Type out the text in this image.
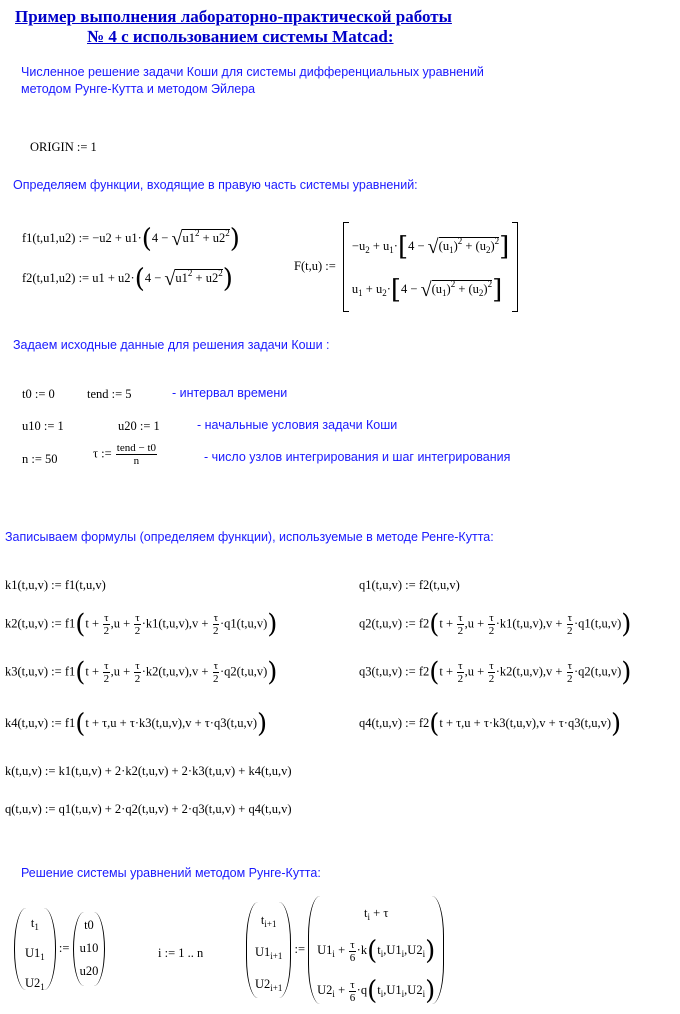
Пример выполнения лабораторно-практической работы
№ 4 с использованием системы Matcad:
Численное решение задачи Коши для системы дифференциальных уравнений
методом Рунге-Кутта и методом Эйлера
ORIGIN := 1
Определяем функции, входящие в правую часть системы уравнений:
f1(t,u1,u2) := $-u2 + u1\cdot(4 - √u1^2 + u2^2)$
f2(t,u1,u2) := $u1 + u2\cdot(4 - √u1^2 + u2^2)$	F(t,u) :=
$-u_2 + u_1\cdot[4 - √(u_1)^2 + (u_2)^2]$
$u_1 + u_2\cdot[4 - √(u_1)^2 + (u_2)^2]$
Задаем исходные данные для решения задачи Коши :
t0 := 0	tend := 5	- интервал времени
u10 := 1	u20 := 1	- начальные условия задачи Коши
n := 50	τ := $\frac{\text{tend − t0}}{n}$	- число узлов интегрирования и шаг интегрирования
Записываем формулы (определяем функции), используемые в методе Ренге-Кутта:
k1(t,u,v) := f1(t,u,v)
k2(t,u,v) := $f1(t + \frac{\tau}{2} ,u + \frac{\tau}{2} \cdot k1(t,u,v),v + \frac{\tau}{2} \cdot q1(t,u,v))$
k3(t,u,v) := $f1(t + \frac{\tau}{2} ,u + \frac{\tau}{2} \cdot k2(t,u,v),v + \frac{\tau}{2} \cdot q2(t,u,v))$
k4(t,u,v) := f1(t + τ,u + τ·k3(t,u,v),v + τ·q3(t,u,v))
q1(t,u,v) := f2(t,u,v)
q2(t,u,v) := $f2(t + \frac{\tau}{2} ,u + \frac{\tau}{2} \cdot k1(t,u,v),v + \frac{\tau}{2} \cdot q1(t,u,v))$
q3(t,u,v) := $f2(t + \frac{\tau}{2} ,u + \frac{\tau}{2} \cdot k2(t,u,v),v + \frac{\tau}{2} \cdot q2(t,u,v))$
q4(t,u,v) := f2(t + τ,u + τ·k3(t,u,v),v + τ·q3(t,u,v))
k(t,u,v) := k1(t,u,v) + 2·k2(t,u,v) + 2·k3(t,u,v) + k4(t,u,v)
q(t,u,v) := q1(t,u,v) + 2·q2(t,u,v) + 2·q3(t,u,v) + q4(t,u,v)
Решение системы уравнений методом Рунге-Кутта:
$t_1$
$U1_1$
$U2_1$
:=
t0
u10
u20
i := 1 .. n
$t_{i+1}$
$U1_{i+1}$
$U2_{i+1}$
:=
$t_i + \tau$
$U1_i + \frac{\tau}{6} \cdot k(t_i,U1_i,U2_i)$
$U2_i + \frac{\tau}{6} \cdot q(t_i,U1_i,U2_i)$
